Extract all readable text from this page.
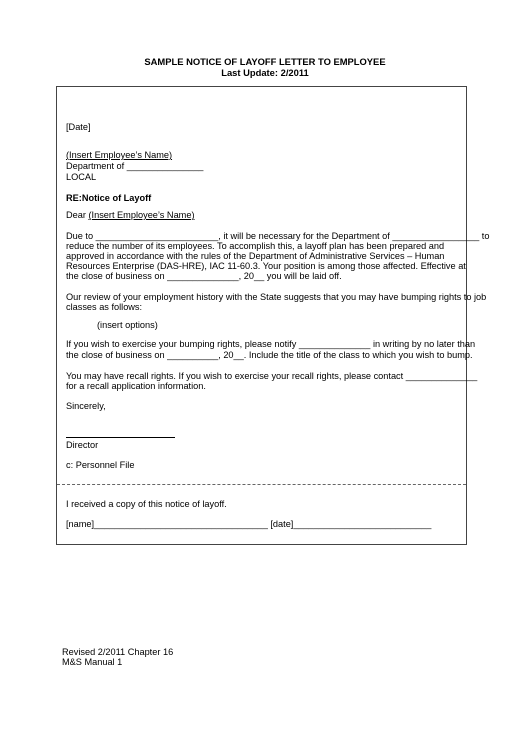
SAMPLE NOTICE OF LAYOFF LETTER TO EMPLOYEE
Last Update: 2/2011
[Date]
(Insert Employee’s Name)
Department of _______________
LOCAL
RE:Notice of Layoff
Dear (Insert Employee’s Name)
Due to ________________________, it will be necessary for the Department of _________________ to
reduce the number of its employees. To accomplish this, a layoff plan has been prepared and
approved in accordance with the rules of the Department of Administrative Services – Human
Resources Enterprise (DAS-HRE), IAC 11-60.3. Your position is among those affected. Effective at
the close of business on ______________, 20__ you will be laid off.
Our review of your employment history with the State suggests that you may have bumping rights to job
classes as follows:
(insert options)
If you wish to exercise your bumping rights, please notify ______________ in writing by no later than
the close of business on __________, 20__. Include the title of the class to which you wish to bump.
You may have recall rights. If you wish to exercise your recall rights, please contact ______________
for a recall application information.
Sincerely,
Director
c: Personnel File
I received a copy of this notice of layoff.
[name]__________________________________ [date]___________________________
Revised 2/2011 Chapter 16
M&S Manual 1
